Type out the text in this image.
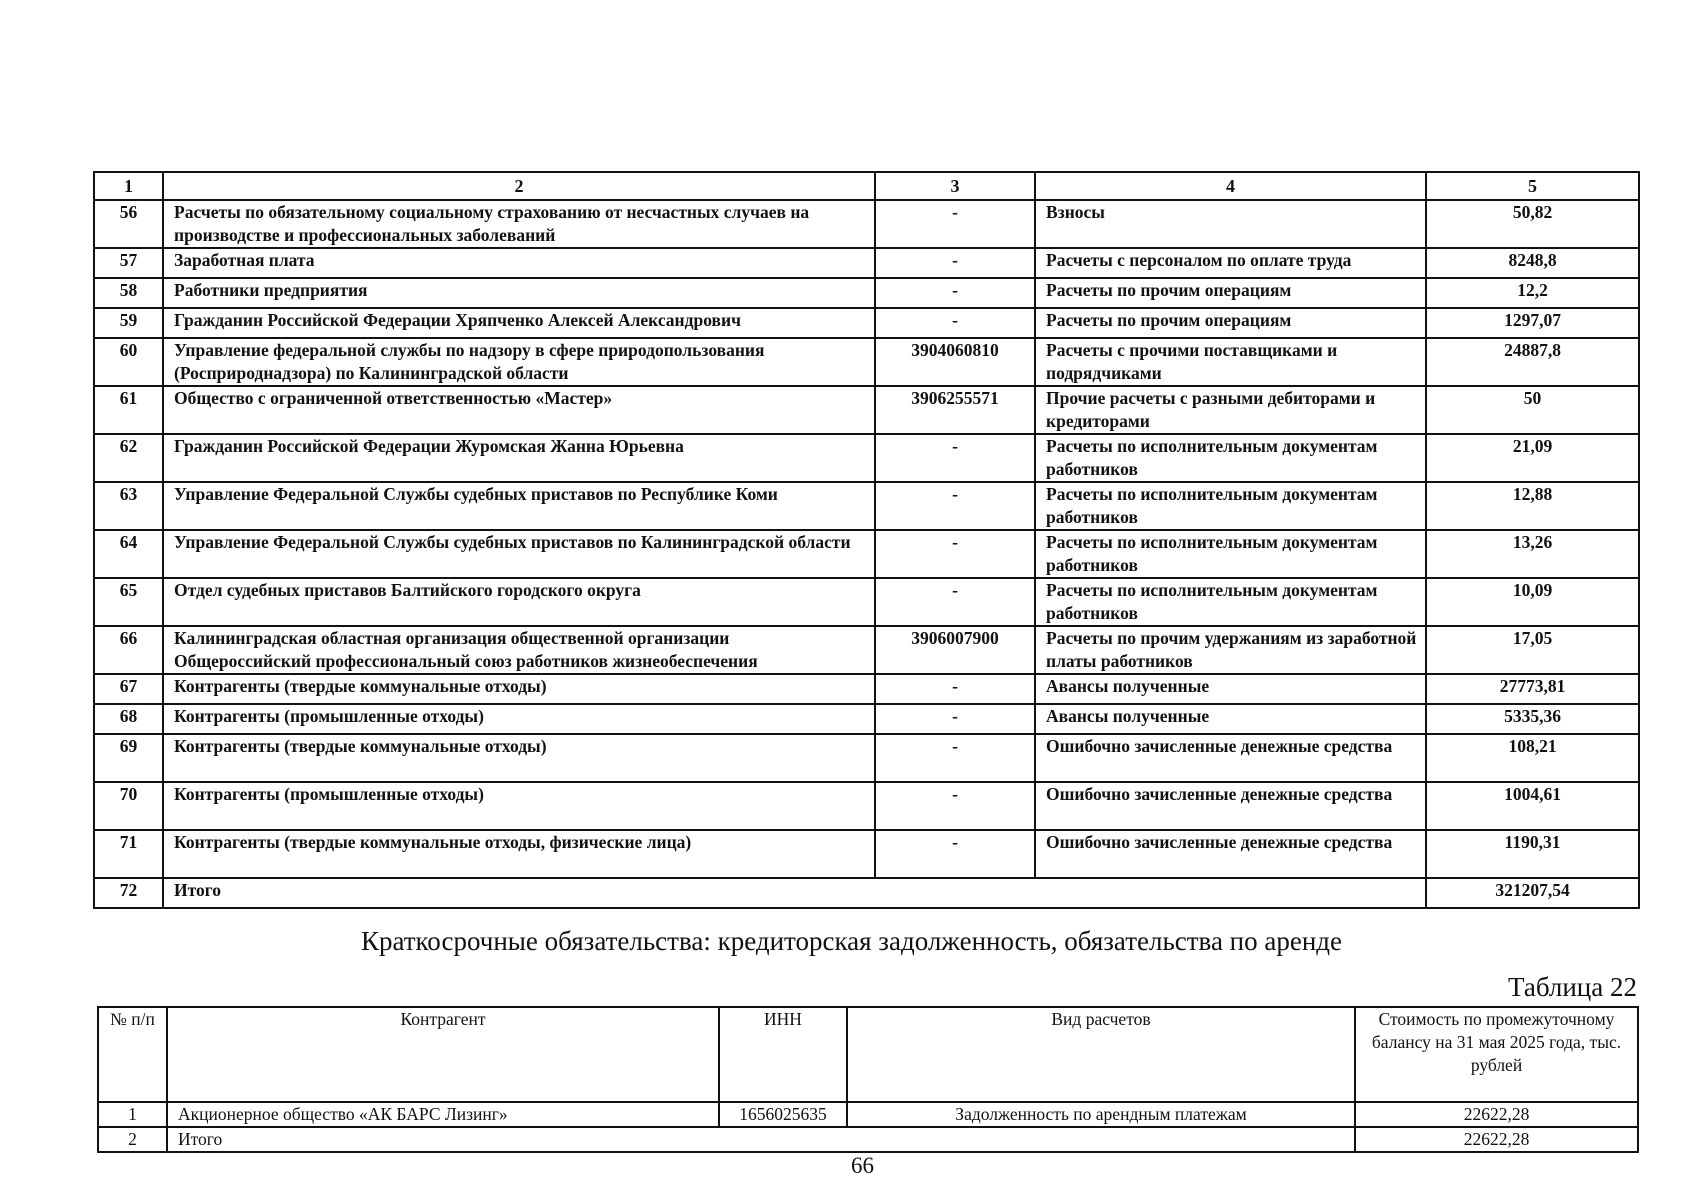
1	2	3	4	5
56	Расчеты по обязательному социальному страхованию от несчастных случаев на производстве и профессиональных заболеваний	-	Взносы	50,82
57	Заработная плата	-	Расчеты с персоналом по оплате труда	8248,8
58	Работники предприятия	-	Расчеты по прочим операциям	12,2
59	Гражданин Российской Федерации Хряпченко Алексей Александрович	-	Расчеты по прочим операциям	1297,07
60	Управление федеральной службы по надзору в сфере природопользования (Росприроднадзора) по Калининградской области	3904060810	Расчеты с прочими поставщиками и подрядчиками	24887,8
61	Общество с ограниченной ответственностью «Мастер»	3906255571	Прочие расчеты с разными дебиторами и кредиторами	50
62	Гражданин Российской Федерации Журомская Жанна Юрьевна	-	Расчеты по исполнительным документам работников	21,09
63	Управление Федеральной Службы судебных приставов по Республике Коми	-	Расчеты по исполнительным документам работников	12,88
64	Управление Федеральной Службы судебных приставов по Калининградской области	-	Расчеты по исполнительным документам работников	13,26
65	Отдел судебных приставов Балтийского городского округа	-	Расчеты по исполнительным документам работников	10,09
66	Калининградская областная организация общественной организации Общероссийский профессиональный союз работников жизнеобеспечения	3906007900	Расчеты по прочим удержаниям из заработной платы работников	17,05
67	Контрагенты (твердые коммунальные отходы)	-	Авансы полученные	27773,81
68	Контрагенты (промышленные отходы)	-	Авансы полученные	5335,36
69	Контрагенты (твердые коммунальные отходы)	-	Ошибочно зачисленные денежные средства	108,21
70	Контрагенты (промышленные отходы)	-	Ошибочно зачисленные денежные средства	1004,61
71	Контрагенты (твердые коммунальные отходы, физические лица)	-	Ошибочно зачисленные денежные средства	1190,31
72	Итого			321207,54
Краткосрочные обязательства: кредиторская задолженность, обязательства по аренде
Таблица 22
№ п/п	Контрагент	ИНН	Вид расчетов	Стоимость по промежуточному балансу на 31 мая 2025 года, тыс. рублей
1	Акционерное общество «АК БАРС Лизинг»	1656025635	Задолженность по арендным платежам	22622,28
2	Итого			22622,28
66
